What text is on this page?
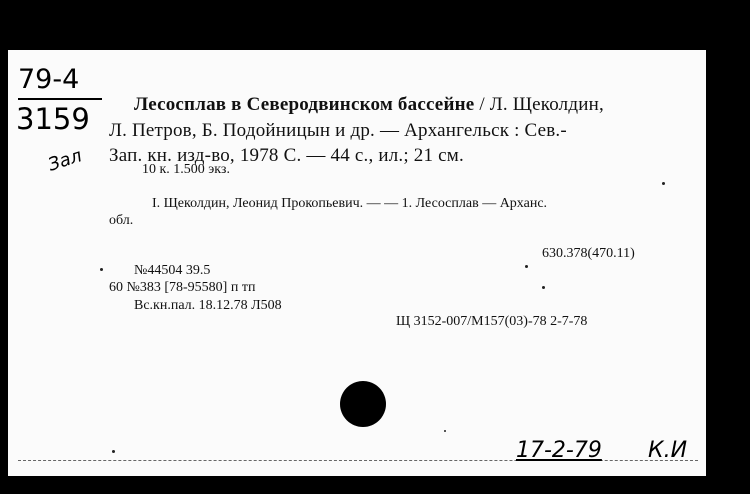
79-4
3159
Зал
Лесосплав в Северодвинском бассейне / Л. Щеколдин,
Л. Петров, Б. Подойницын и др. — Архангельск : Сев.-
Зап. кн. изд-во, 1978 С. — 44 с., ил.; 21 см.
10 к. 1.500 экз.
I. Щеколдин, Леонид Прокопьевич. — — 1. Лесосплав — Арханс.
обл.
630.378(470.11)
№44504 39.5
60 №383 [78-95580] п тп
Вс.кн.пал. 18.12.78 Л508
Щ 3152-007/М157(03)-78 2-7-78
17-2-79 К.И
